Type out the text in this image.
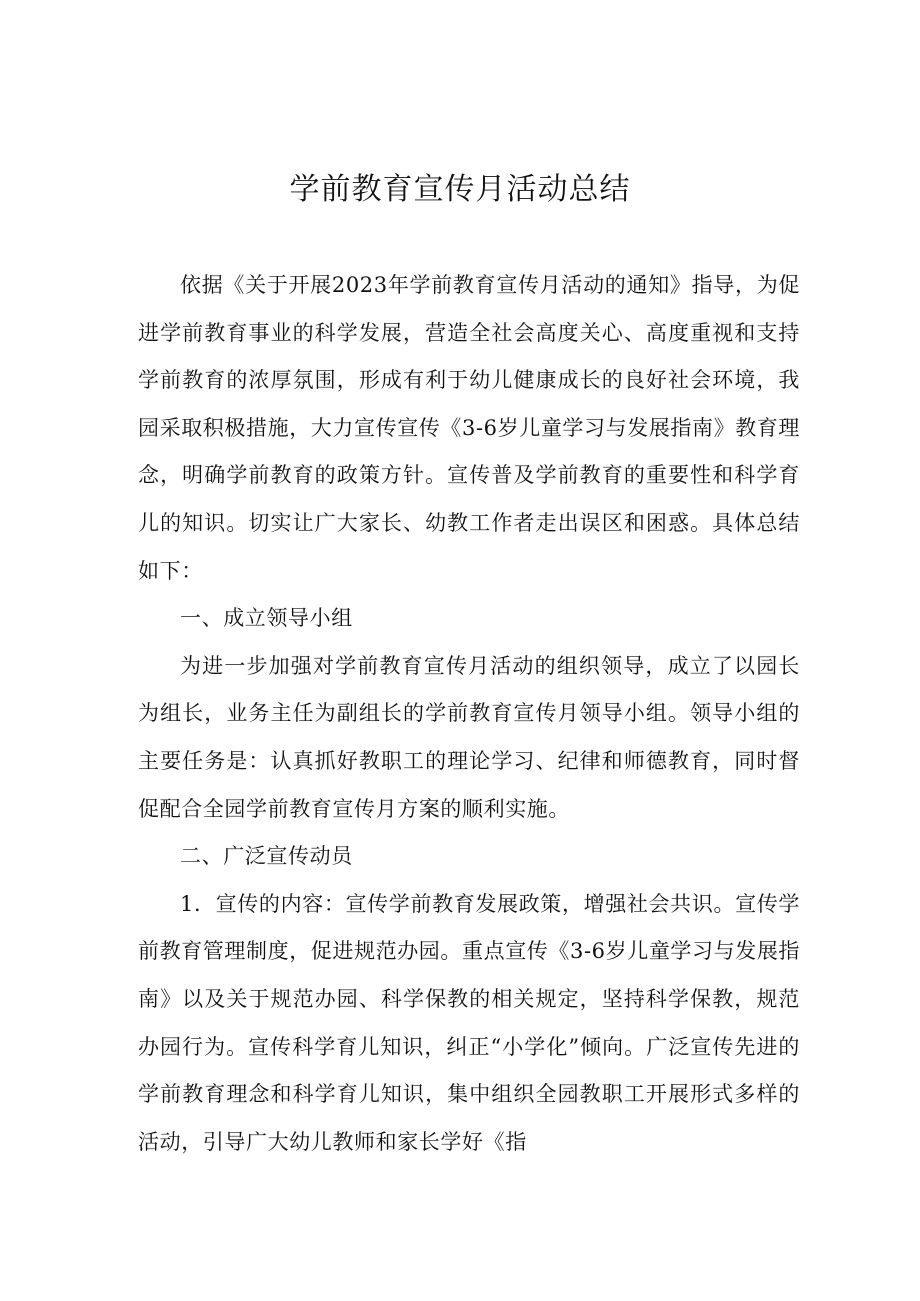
学前教育宣传月活动总结

依据《关于开展2023年学前教育宣传月活动的通知》指导，为促进学前教育事业的科学发展，营造全社会高度关心、高度重视和支持学前教育的浓厚氛围，形成有利于幼儿健康成长的良好社会环境，我园采取积极措施，大力宣传宣传《3-6岁儿童学习与发展指南》教育理念，明确学前教育的政策方针。宣传普及学前教育的重要性和科学育儿的知识。切实让广大家长、幼教工作者走出误区和困惑。具体总结如下：

一、成立领导小组

为进一步加强对学前教育宣传月活动的组织领导，成立了以园长为组长，业务主任为副组长的学前教育宣传月领导小组。领导小组的主要任务是：认真抓好教职工的理论学习、纪律和师德教育，同时督促配合全园学前教育宣传月方案的顺利实施。

二、广泛宣传动员

1．宣传的内容：宣传学前教育发展政策，增强社会共识。宣传学前教育管理制度，促进规范办园。重点宣传《3-6岁儿童学习与发展指南》以及关于规范办园、科学保教的相关规定，坚持科学保教，规范办园行为。宣传科学育儿知识，纠正“小学化”倾向。广泛宣传先进的学前教育理念和科学育儿知识，集中组织全园教职工开展形式多样的活动，引导广大幼儿教师和家长学好《指
